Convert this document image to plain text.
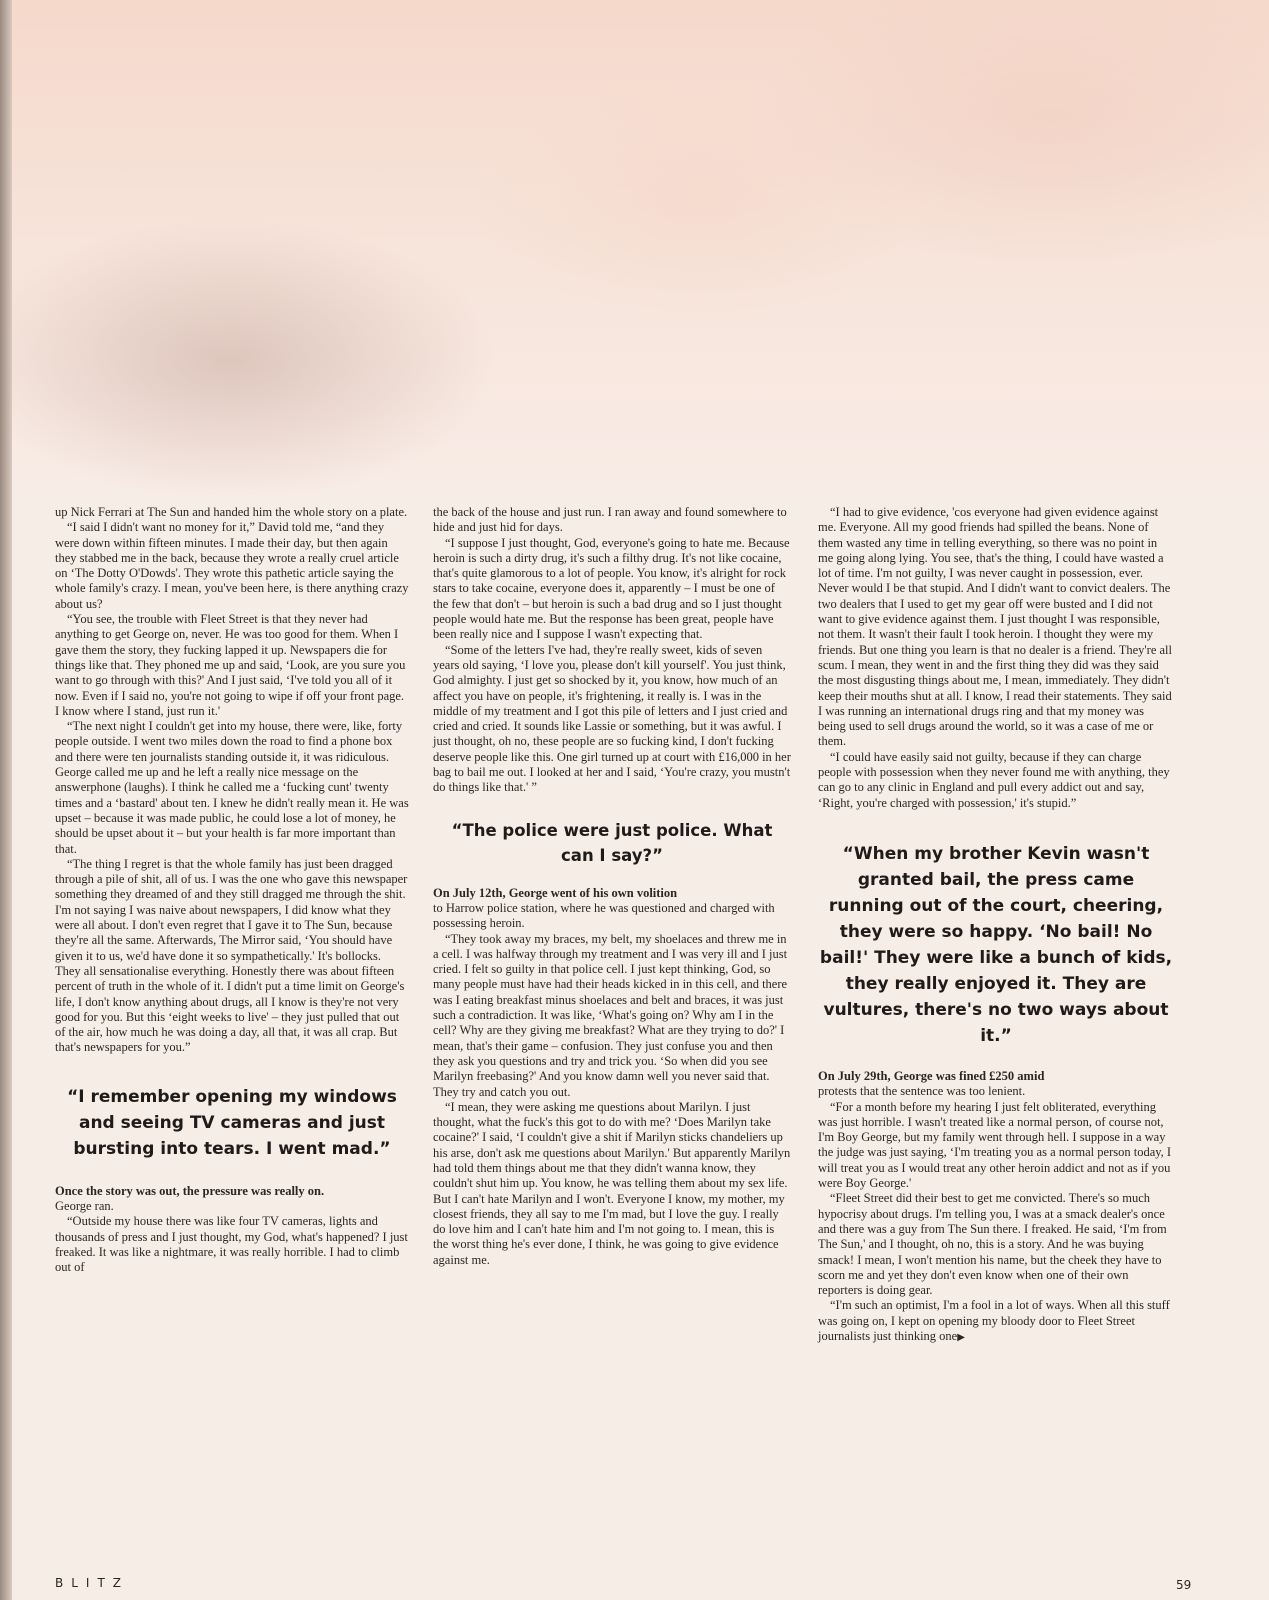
up Nick Ferrari at The Sun and handed him the whole story on a plate.

“I said I didn't want no money for it,” David told me, “and they were down within fifteen minutes. I made their day, but then again they stabbed me in the back, because they wrote a really cruel article on ‘The Dotty O'Dowds'. They wrote this pathetic article saying the whole family's crazy. I mean, you've been here, is there anything crazy about us?

“You see, the trouble with Fleet Street is that they never had anything to get George on, never. He was too good for them. When I gave them the story, they fucking lapped it up. Newspapers die for things like that. They phoned me up and said, ‘Look, are you sure you want to go through with this?' And I just said, ‘I've told you all of it now. Even if I said no, you're not going to wipe if off your front page. I know where I stand, just run it.'

“The next night I couldn't get into my house, there were, like, forty people outside. I went two miles down the road to find a phone box and there were ten journalists standing outside it, it was ridiculous. George called me up and he left a really nice message on the answerphone (laughs). I think he called me a ‘fucking cunt' twenty times and a ‘bastard' about ten. I knew he didn't really mean it. He was upset – because it was made public, he could lose a lot of money, he should be upset about it – but your health is far more important than that.

“The thing I regret is that the whole family has just been dragged through a pile of shit, all of us. I was the one who gave this newspaper something they dreamed of and they still dragged me through the shit. I'm not saying I was naive about newspapers, I did know what they were all about. I don't even regret that I gave it to The Sun, because they're all the same. Afterwards, The Mirror said, ‘You should have given it to us, we'd have done it so sympathetically.' It's bollocks. They all sensationalise everything. Honestly there was about fifteen percent of truth in the whole of it. I didn't put a time limit on George's life, I don't know anything about drugs, all I know is they're not very good for you. But this ‘eight weeks to live' – they just pulled that out of the air, how much he was doing a day, all that, it was all crap. But that's newspapers for you.”

“I remember opening my windows and seeing TV cameras and just bursting into tears. I went mad.”

Once the story was out, the pressure was really on.
George ran.

“Outside my house there was like four TV cameras, lights and thousands of press and I just thought, my God, what's happened? I just freaked. It was like a nightmare, it was really horrible. I had to climb out of

the back of the house and just run. I ran away and found somewhere to hide and just hid for days.

“I suppose I just thought, God, everyone's going to hate me. Because heroin is such a dirty drug, it's such a filthy drug. It's not like cocaine, that's quite glamorous to a lot of people. You know, it's alright for rock stars to take cocaine, everyone does it, apparently – I must be one of the few that don't – but heroin is such a bad drug and so I just thought people would hate me. But the response has been great, people have been really nice and I suppose I wasn't expecting that.

“Some of the letters I've had, they're really sweet, kids of seven years old saying, ‘I love you, please don't kill yourself'. You just think, God almighty. I just get so shocked by it, you know, how much of an affect you have on people, it's frightening, it really is. I was in the middle of my treatment and I got this pile of letters and I just cried and cried and cried. It sounds like Lassie or something, but it was awful. I just thought, oh no, these people are so fucking kind, I don't fucking deserve people like this. One girl turned up at court with £16,000 in her bag to bail me out. I looked at her and I said, ‘You're crazy, you mustn't do things like that.' ”

“The police were just police. What can I say?”

On July 12th, George went of his own volition
to Harrow police station, where he was questioned and charged with possessing heroin.

“They took away my braces, my belt, my shoelaces and threw me in a cell. I was halfway through my treatment and I was very ill and I just cried. I felt so guilty in that police cell. I just kept thinking, God, so many people must have had their heads kicked in in this cell, and there was I eating breakfast minus shoelaces and belt and braces, it was just such a contradiction. It was like, ‘What's going on? Why am I in the cell? Why are they giving me breakfast? What are they trying to do?' I mean, that's their game – confusion. They just confuse you and then they ask you questions and try and trick you. ‘So when did you see Marilyn freebasing?' And you know damn well you never said that. They try and catch you out.

“I mean, they were asking me questions about Marilyn. I just thought, what the fuck's this got to do with me? ‘Does Marilyn take cocaine?' I said, ‘I couldn't give a shit if Marilyn sticks chandeliers up his arse, don't ask me questions about Marilyn.' But apparently Marilyn had told them things about me that they didn't wanna know, they couldn't shut him up. You know, he was telling them about my sex life. But I can't hate Marilyn and I won't. Everyone I know, my mother, my closest friends, they all say to me I'm mad, but I love the guy. I really do love him and I can't hate him and I'm not going to. I mean, this is the worst thing he's ever done, I think, he was going to give evidence against me.

“I had to give evidence, 'cos everyone had given evidence against me. Everyone. All my good friends had spilled the beans. None of them wasted any time in telling everything, so there was no point in me going along lying. You see, that's the thing, I could have wasted a lot of time. I'm not guilty, I was never caught in possession, ever. Never would I be that stupid. And I didn't want to convict dealers. The two dealers that I used to get my gear off were busted and I did not want to give evidence against them. I just thought I was responsible, not them. It wasn't their fault I took heroin. I thought they were my friends. But one thing you learn is that no dealer is a friend. They're all scum. I mean, they went in and the first thing they did was they said the most disgusting things about me, I mean, immediately. They didn't keep their mouths shut at all. I know, I read their statements. They said I was running an international drugs ring and that my money was being used to sell drugs around the world, so it was a case of me or them.

“I could have easily said not guilty, because if they can charge people with possession when they never found me with anything, they can go to any clinic in England and pull every addict out and say, ‘Right, you're charged with possession,' it's stupid.”

“When my brother Kevin wasn't granted bail, the press came running out of the court, cheering, they were so happy. ‘No bail! No bail!' They were like a bunch of kids, they really enjoyed it. They are vultures, there's no two ways about it.”

On July 29th, George was fined £250 amid
protests that the sentence was too lenient.

“For a month before my hearing I just felt obliterated, everything was just horrible. I wasn't treated like a normal person, of course not, I'm Boy George, but my family went through hell. I suppose in a way the judge was just saying, ‘I'm treating you as a normal person today, I will treat you as I would treat any other heroin addict and not as if you were Boy George.'

“Fleet Street did their best to get me convicted. There's so much hypocrisy about drugs. I'm telling you, I was at a smack dealer's once and there was a guy from The Sun there. I freaked. He said, ‘I'm from The Sun,' and I thought, oh no, this is a story. And he was buying smack! I mean, I won't mention his name, but the cheek they have to scorn me and yet they don't even know when one of their own reporters is doing gear.

“I'm such an optimist, I'm a fool in a lot of ways. When all this stuff was going on, I kept on opening my bloody door to Fleet Street journalists just thinking one▶

BLITZ	59
